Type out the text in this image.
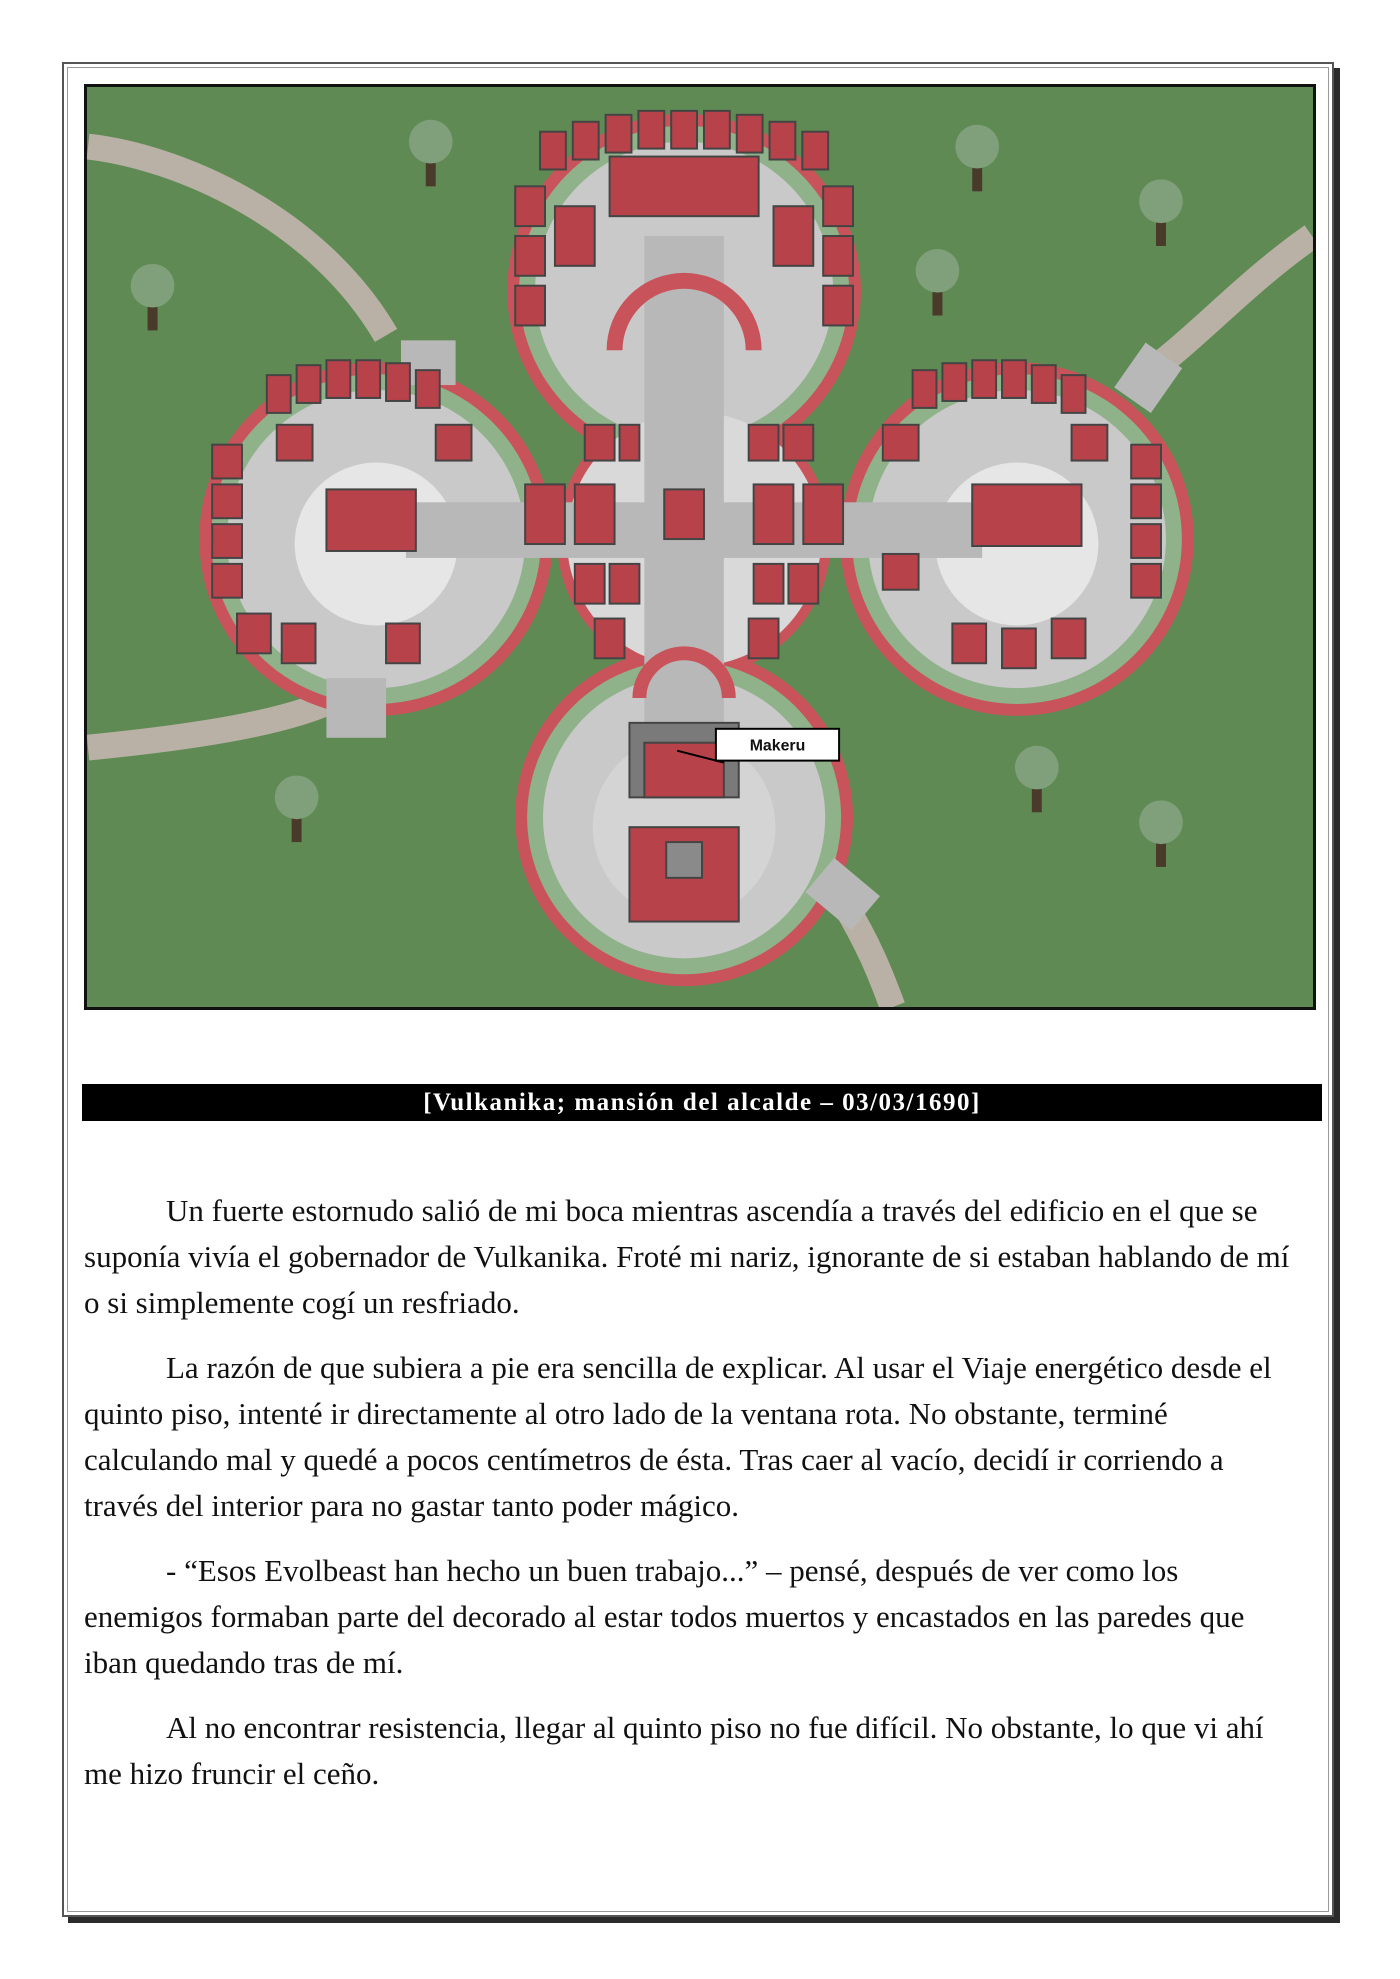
Makeru
[Vulkanika; mansión del alcalde – 03/03/1690]

Un fuerte estornudo salió de mi boca mientras ascendía a través del edificio en el que se suponía vivía el gobernador de Vulkanika. Froté mi nariz, ignorante de si estaban hablando de mí o si simplemente cogí un resfriado.

La razón de que subiera a pie era sencilla de explicar. Al usar el Viaje energético desde el quinto piso, intenté ir directamente al otro lado de la ventana rota. No obstante, terminé calculando mal y quedé a pocos centímetros de ésta. Tras caer al vacío, decidí ir corriendo a través del interior para no gastar tanto poder mágico.

- “Esos Evolbeast han hecho un buen trabajo...” – pensé, después de ver como los enemigos formaban parte del decorado al estar todos muertos y encastados en las paredes que iban quedando tras de mí.

Al no encontrar resistencia, llegar al quinto piso no fue difícil. No obstante, lo que vi ahí me hizo fruncir el ceño.
